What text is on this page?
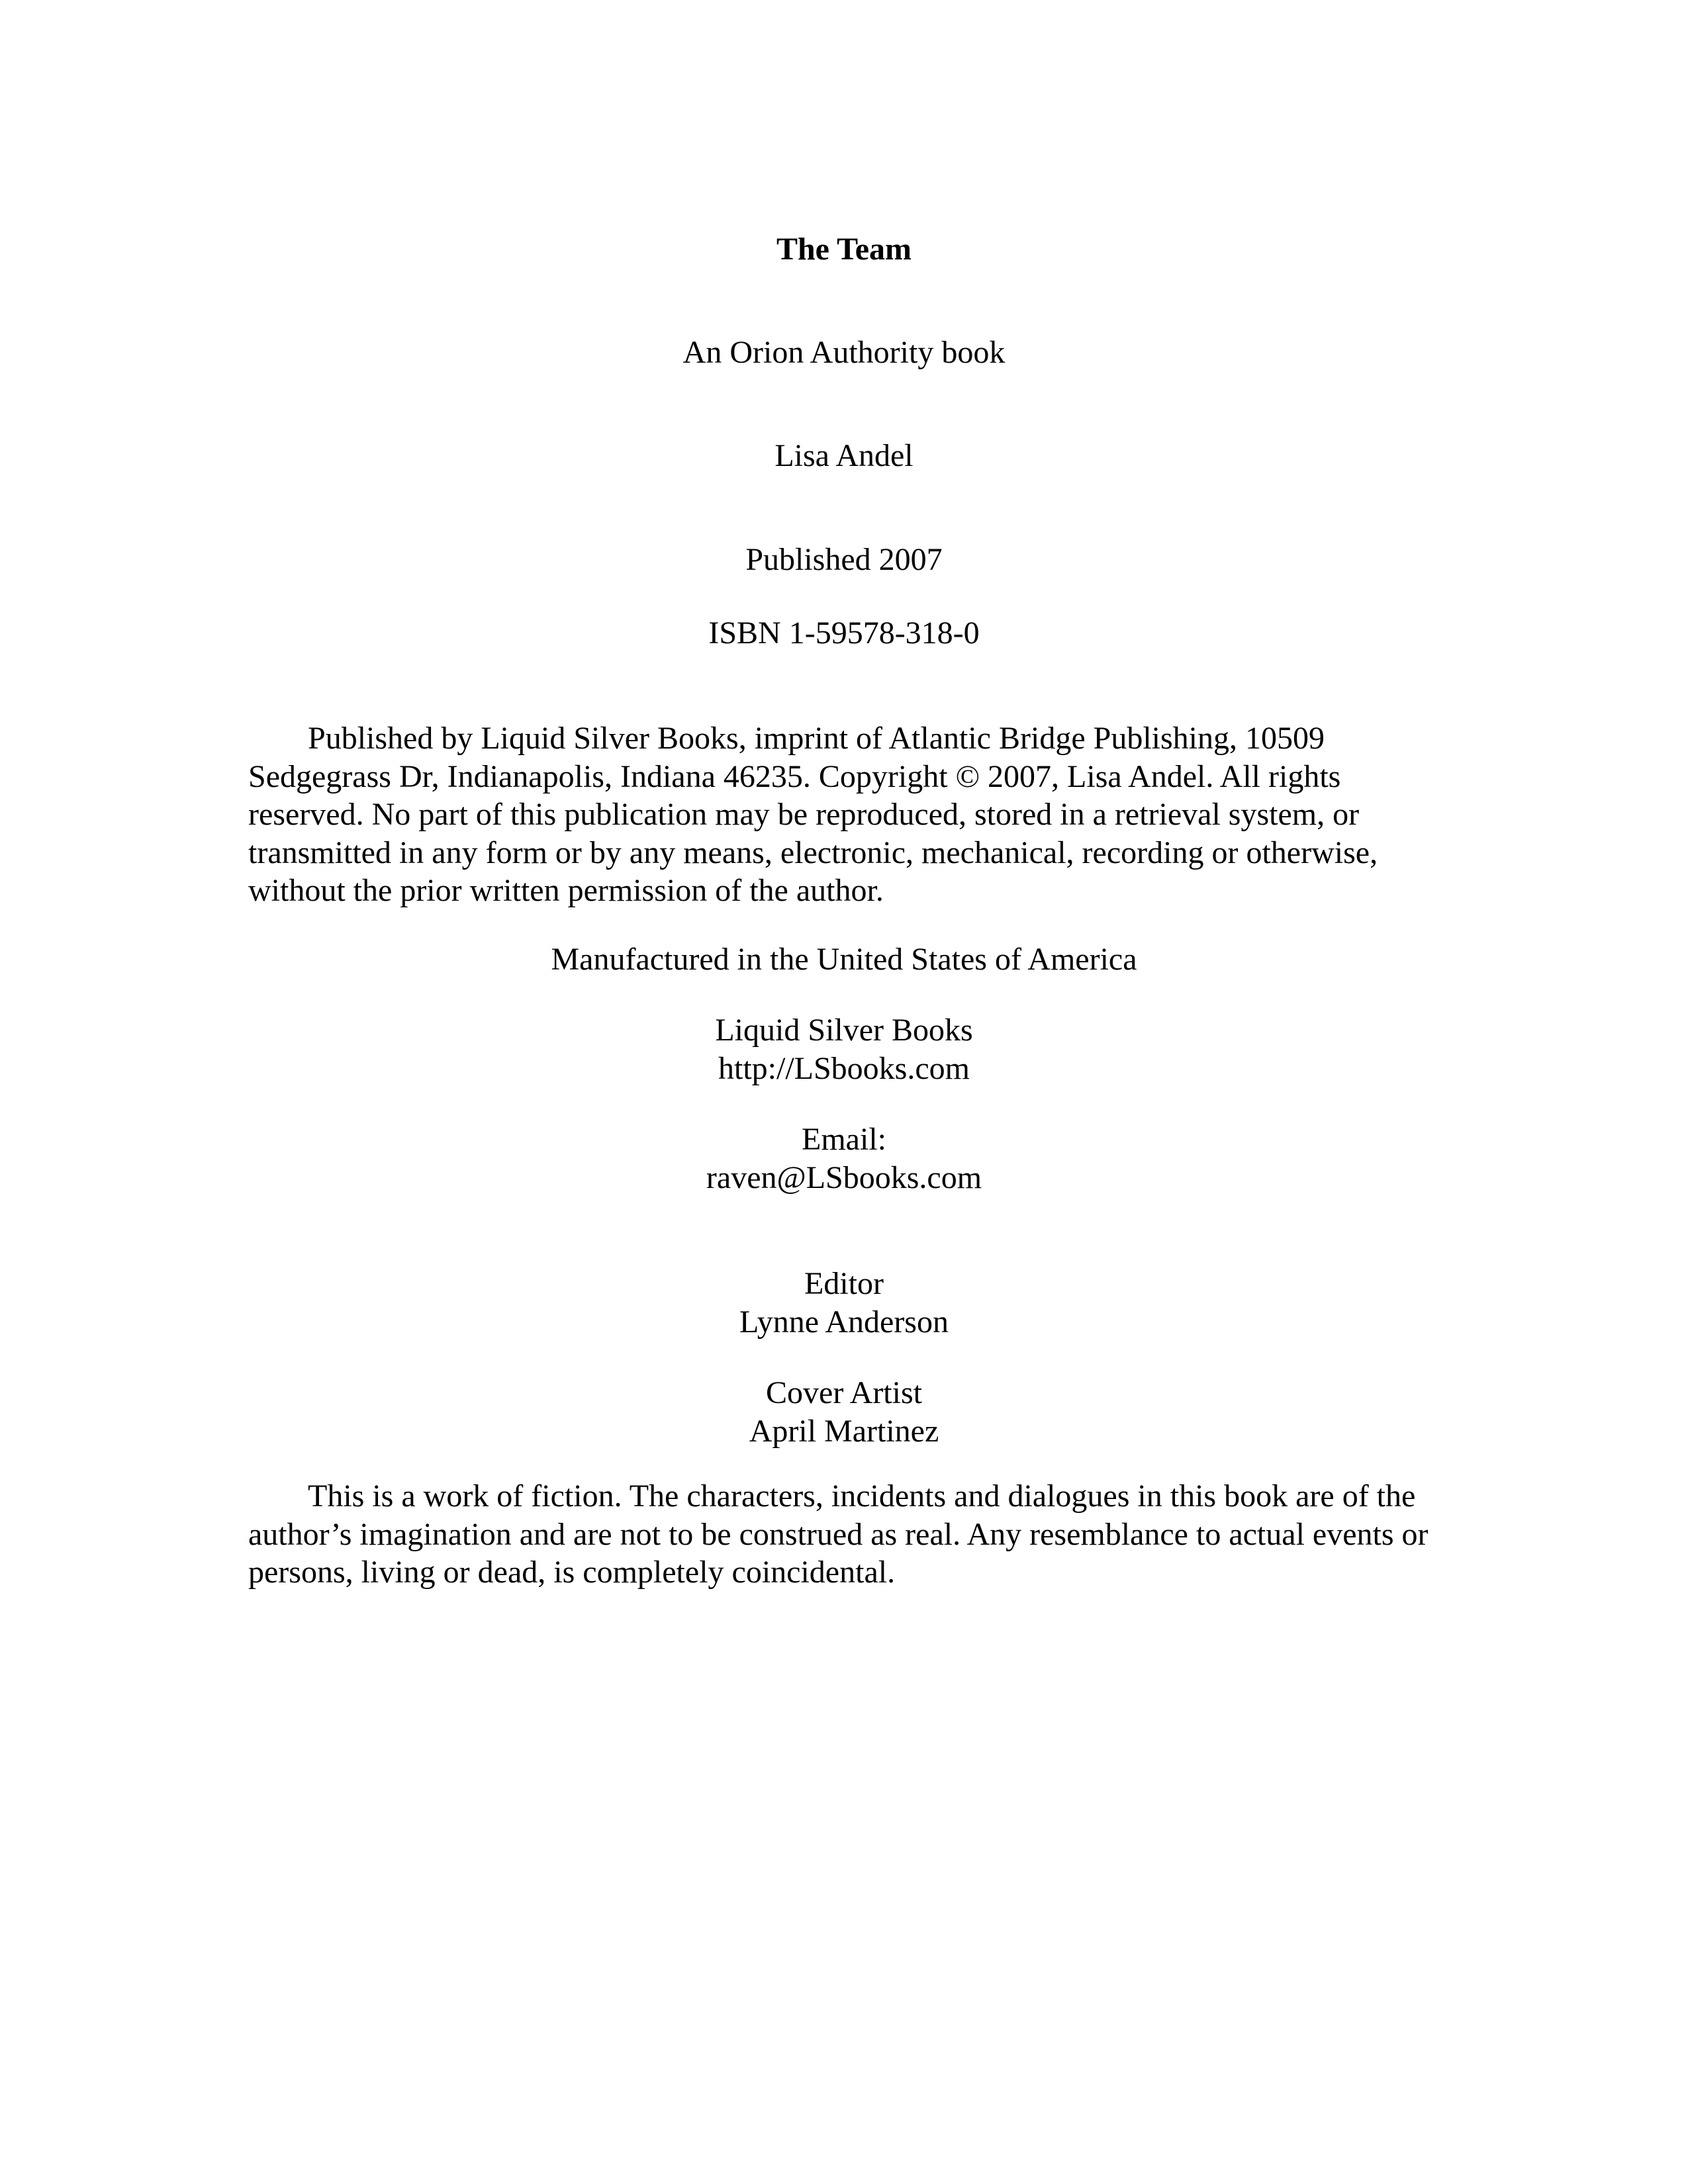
The Team

An Orion Authority book

Lisa Andel

Published 2007

ISBN 1-59578-318-0

Published by Liquid Silver Books, imprint of Atlantic Bridge Publishing, 10509 Sedgegrass Dr, Indianapolis, Indiana 46235. Copyright © 2007, Lisa Andel. All rights reserved. No part of this publication may be reproduced, stored in a retrieval system, or transmitted in any form or by any means, electronic, mechanical, recording or otherwise, without the prior written permission of the author.

Manufactured in the United States of America

Liquid Silver Books
http://LSbooks.com
Email:
raven@LSbooks.com
Editor
Lynne Anderson
Cover Artist
April Martinez

This is a work of fiction. The characters, incidents and dialogues in this book are of the author’s imagination and are not to be construed as real. Any resemblance to actual events or persons, living or dead, is completely coincidental.
